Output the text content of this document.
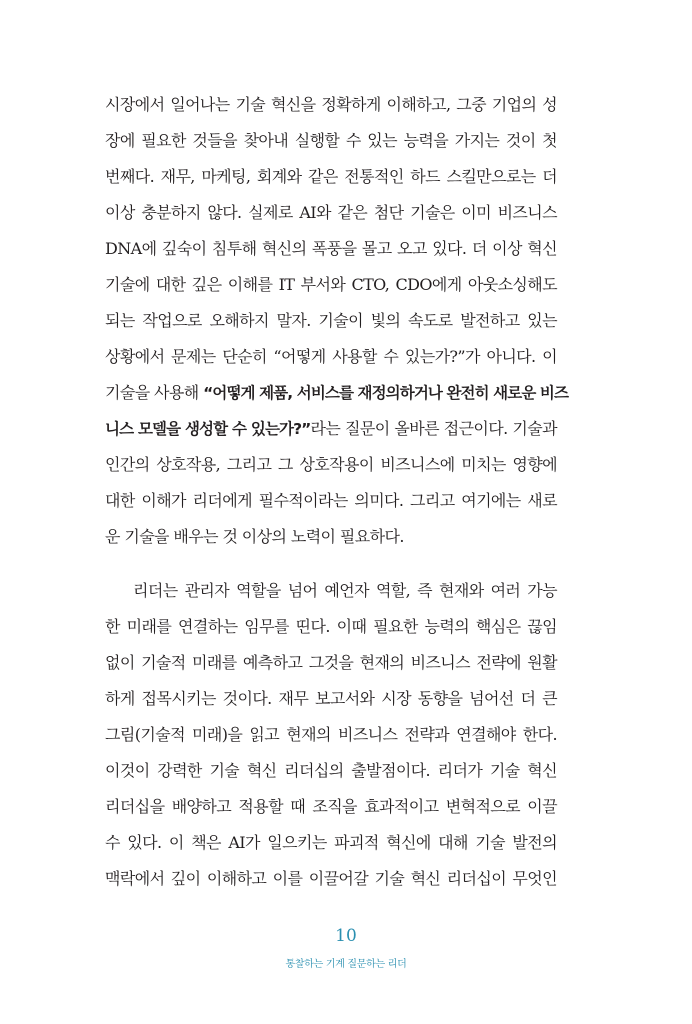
시장에서 일어나는 기술 혁신을 정확하게 이해하고, 그중 기업의 성
장에 필요한 것들을 찾아내 실행할 수 있는 능력을 가지는 것이 첫
번째다. 재무, 마케팅, 회계와 같은 전통적인 하드 스킬만으로는 더
이상 충분하지 않다. 실제로 AI와 같은 첨단 기술은 이미 비즈니스
DNA에 깊숙이 침투해 혁신의 폭풍을 몰고 오고 있다. 더 이상 혁신
기술에 대한 깊은 이해를 IT 부서와 CTO, CDO에게 아웃소싱해도
되는 작업으로 오해하지 말자. 기술이 빛의 속도로 발전하고 있는
상황에서 문제는 단순히 “어떻게 사용할 수 있는가?”가 아니다. 이
기술을 사용해 “어떻게 제품, 서비스를 재정의하거나 완전히 새로운 비즈
니스 모델을 생성할 수 있는가?”라는 질문이 올바른 접근이다. 기술과
인간의 상호작용, 그리고 그 상호작용이 비즈니스에 미치는 영향에
대한 이해가 리더에게 필수적이라는 의미다. 그리고 여기에는 새로
운 기술을 배우는 것 이상의 노력이 필요하다.
리더는 관리자 역할을 넘어 예언자 역할, 즉 현재와 여러 가능
한 미래를 연결하는 임무를 띤다. 이때 필요한 능력의 핵심은 끊임
없이 기술적 미래를 예측하고 그것을 현재의 비즈니스 전략에 원활
하게 접목시키는 것이다. 재무 보고서와 시장 동향을 넘어선 더 큰
그림(기술적 미래)을 읽고 현재의 비즈니스 전략과 연결해야 한다.
이것이 강력한 기술 혁신 리더십의 출발점이다. 리더가 기술 혁신
리더십을 배양하고 적용할 때 조직을 효과적이고 변혁적으로 이끌
수 있다. 이 책은 AI가 일으키는 파괴적 혁신에 대해 기술 발전의
맥락에서 깊이 이해하고 이를 이끌어갈 기술 혁신 리더십이 무엇인
10
통찰하는 기계 질문하는 리더
